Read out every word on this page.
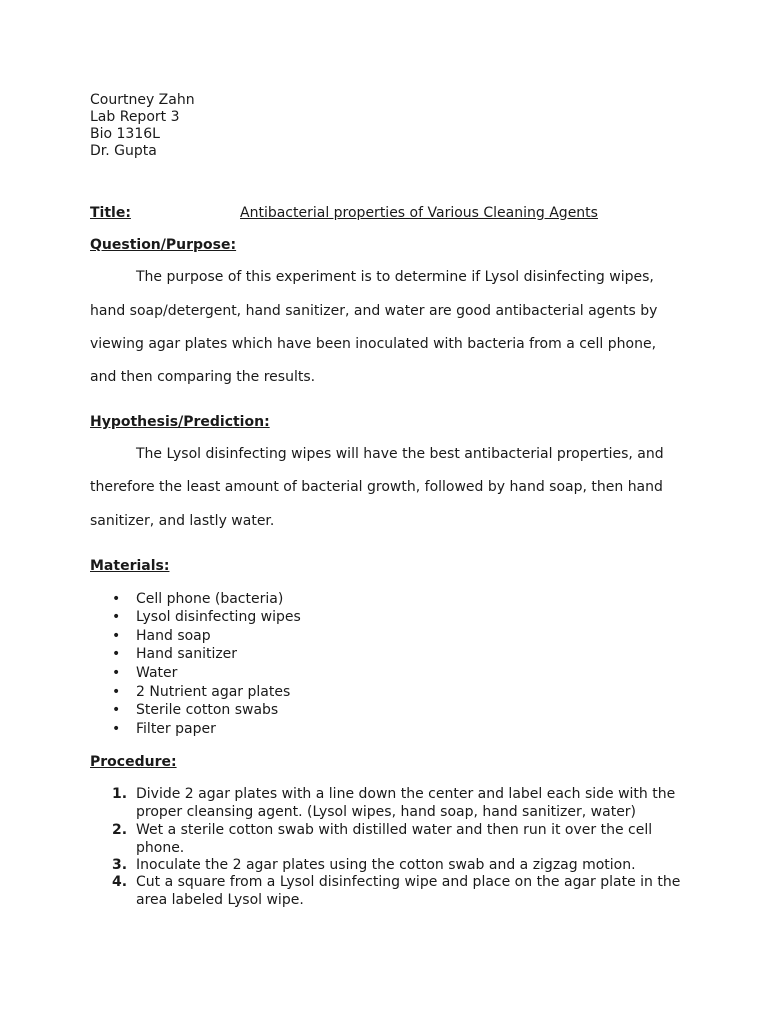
Courtney Zahn
Lab Report 3
Bio 1316L
Dr. Gupta
Title:	Antibacterial properties of Various Cleaning Agents
Question/Purpose:
The purpose of this experiment is to determine if Lysol disinfecting wipes,
hand soap/detergent, hand sanitizer, and water are good antibacterial agents by
viewing agar plates which have been inoculated with bacteria from a cell phone,
and then comparing the results.
Hypothesis/Prediction:
The Lysol disinfecting wipes will have the best antibacterial properties, and
therefore the least amount of bacterial growth, followed by hand soap, then hand
sanitizer, and lastly water.
Materials:
• Cell phone (bacteria)
• Lysol disinfecting wipes
• Hand soap
• Hand sanitizer
• Water
• 2 Nutrient agar plates
• Sterile cotton swabs
• Filter paper
Procedure:
1. Divide 2 agar plates with a line down the center and label each side with the
proper cleansing agent. (Lysol wipes, hand soap, hand sanitizer, water)
2. Wet a sterile cotton swab with distilled water and then run it over the cell
phone.
3. Inoculate the 2 agar plates using the cotton swab and a zigzag motion.
4. Cut a square from a Lysol disinfecting wipe and place on the agar plate in the
area labeled Lysol wipe.
